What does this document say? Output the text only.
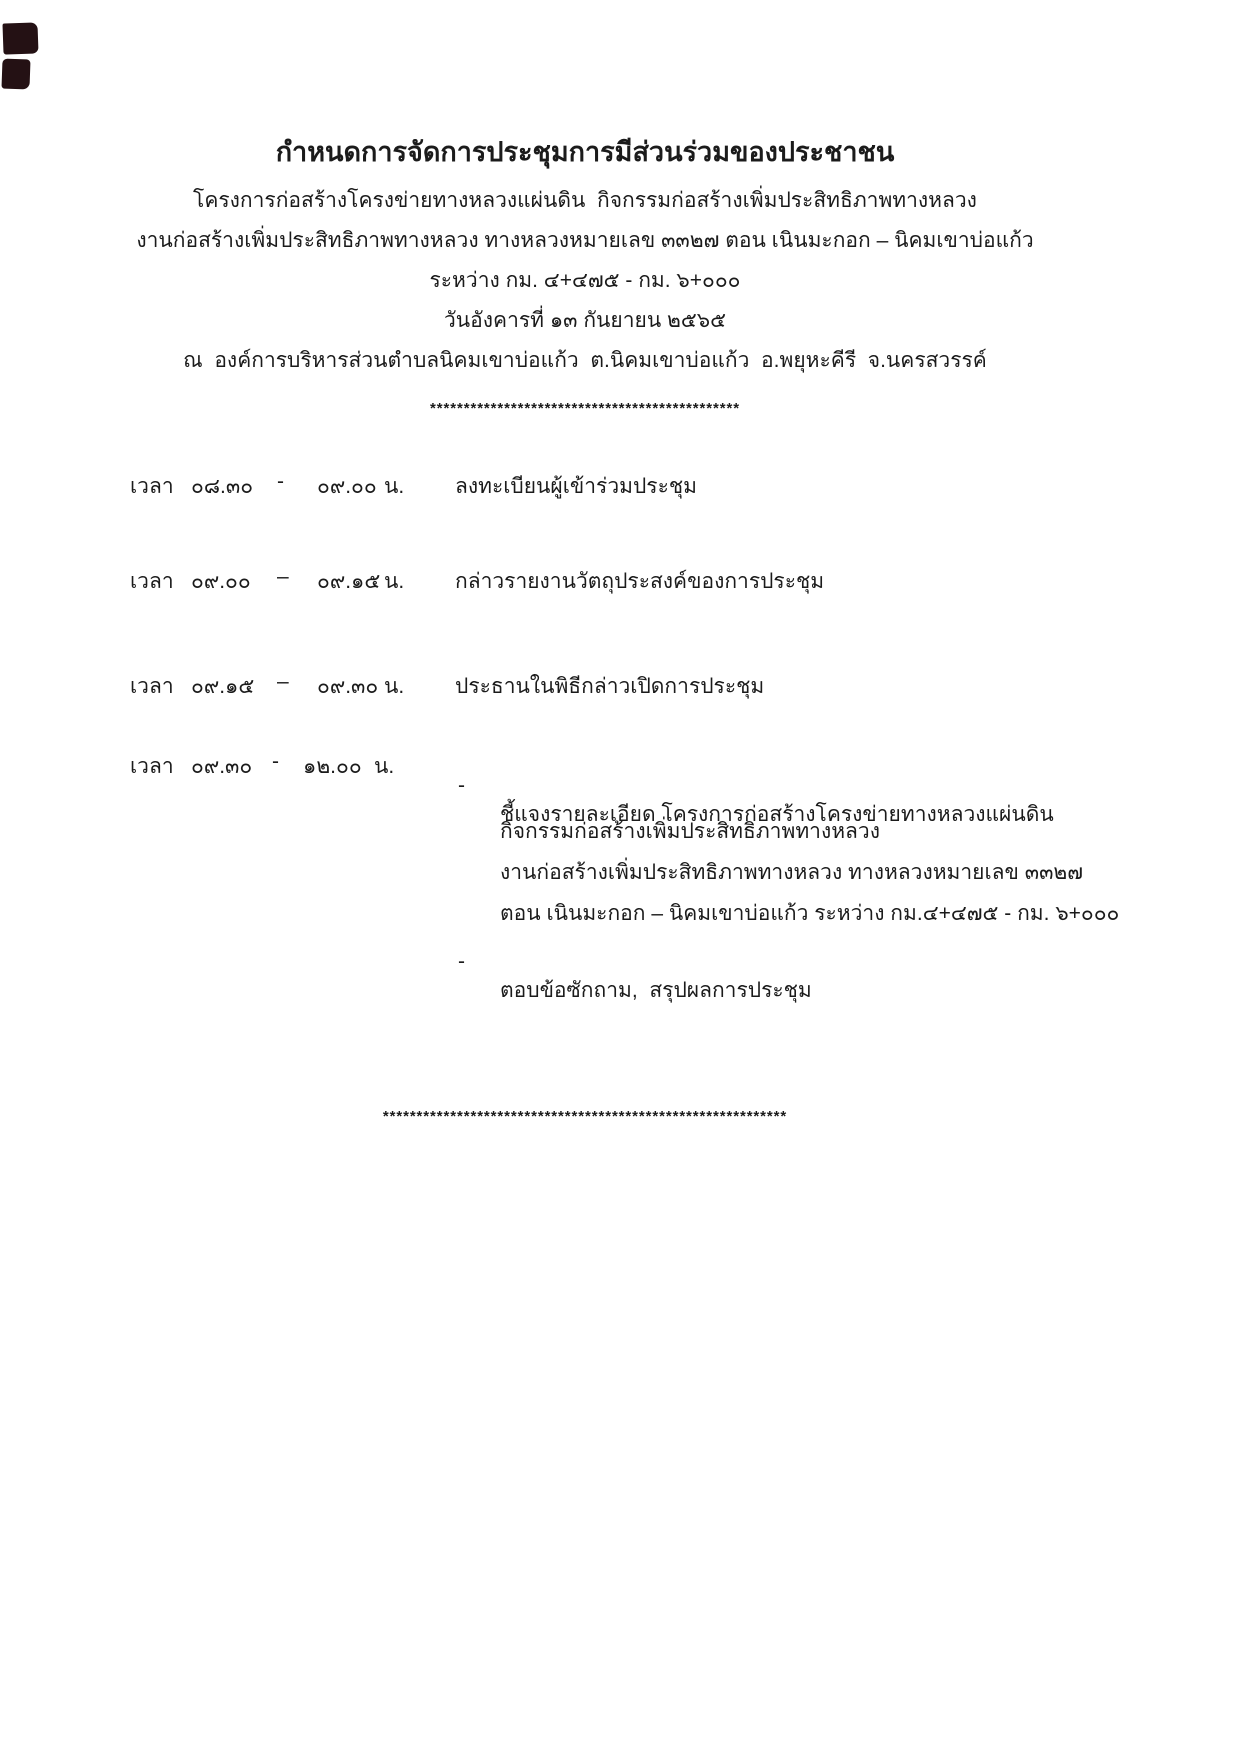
กำหนดการจัดการประชุมการมีส่วนร่วมของประชาชน

โครงการก่อสร้างโครงข่ายทางหลวงแผ่นดิน  กิจกรรมก่อสร้างเพิ่มประสิทธิภาพทางหลวง

งานก่อสร้างเพิ่มประสิทธิภาพทางหลวง ทางหลวงหมายเลข ๓๓๒๗ ตอน เนินมะกอก – นิคมเขาบ่อแก้ว

ระหว่าง กม. ๔+๔๗๕ - กม. ๖+๐๐๐

วันอังคารที่ ๑๓ กันยายน ๒๕๖๕

ณ  องค์การบริหารส่วนตำบลนิคมเขาบ่อแก้ว  ต.นิคมเขาบ่อแก้ว  อ.พยุหะคีรี  จ.นครสวรรค์

**********************************************

เวลา ๐๘.๓๐ - ๐๙.๐๐ น. ลงทะเบียนผู้เข้าร่วมประชุม
เวลา ๐๙.๐๐ – ๐๙.๑๕ น. กล่าวรายงานวัตถุประสงค์ของการประชุม
เวลา ๐๙.๑๕ – ๐๙.๓๐ น. ประธานในพิธีกล่าวเปิดการประชุม
เวลา ๐๙.๓๐ - ๑๒.๐๐ น.

-

ชี้แจงรายละเอียด โครงการก่อสร้างโครงข่ายทางหลวงแผ่นดิน

กิจกรรมก่อสร้างเพิ่มประสิทธิภาพทางหลวง

งานก่อสร้างเพิ่มประสิทธิภาพทางหลวง ทางหลวงหมายเลข ๓๓๒๗

ตอน เนินมะกอก – นิคมเขาบ่อแก้ว ระหว่าง กม.๔+๔๗๕ - กม. ๖+๐๐๐

-

ตอบข้อซักถาม,  สรุปผลการประชุม

************************************************************
